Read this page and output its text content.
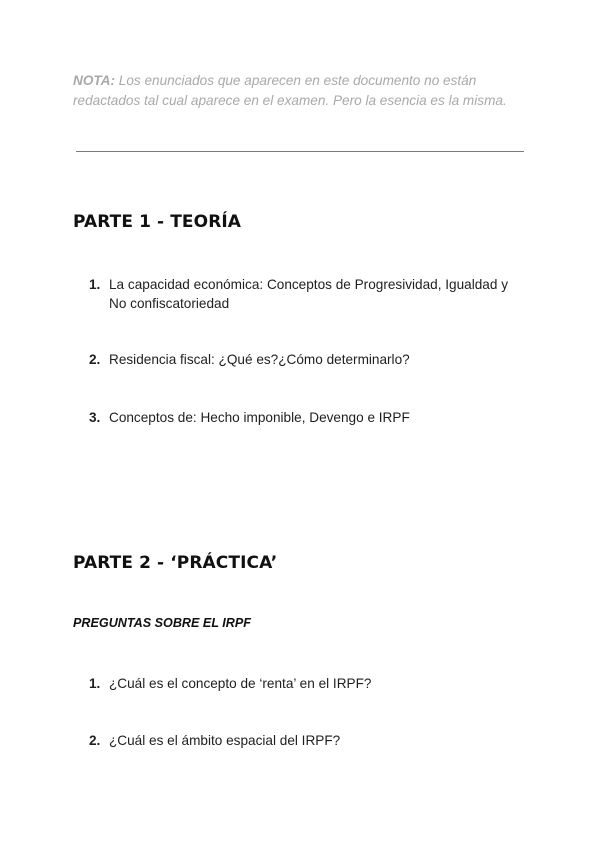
NOTA: Los enunciados que aparecen en este documento no están redactados tal cual aparece en el examen. Pero la esencia es la misma.

PARTE 1 - TEORÍA
1. La capacidad económica: Conceptos de Progresividad, Igualdad y No confiscatoriedad
2. Residencia fiscal: ¿Qué es?¿Cómo determinarlo?
3. Conceptos de: Hecho imponible, Devengo e IRPF
PARTE 2 - ‘PRÁCTICA’
PREGUNTAS SOBRE EL IRPF
1. ¿Cuál es el concepto de ‘renta’ en el IRPF?
2. ¿Cuál es el ámbito espacial del IRPF?
